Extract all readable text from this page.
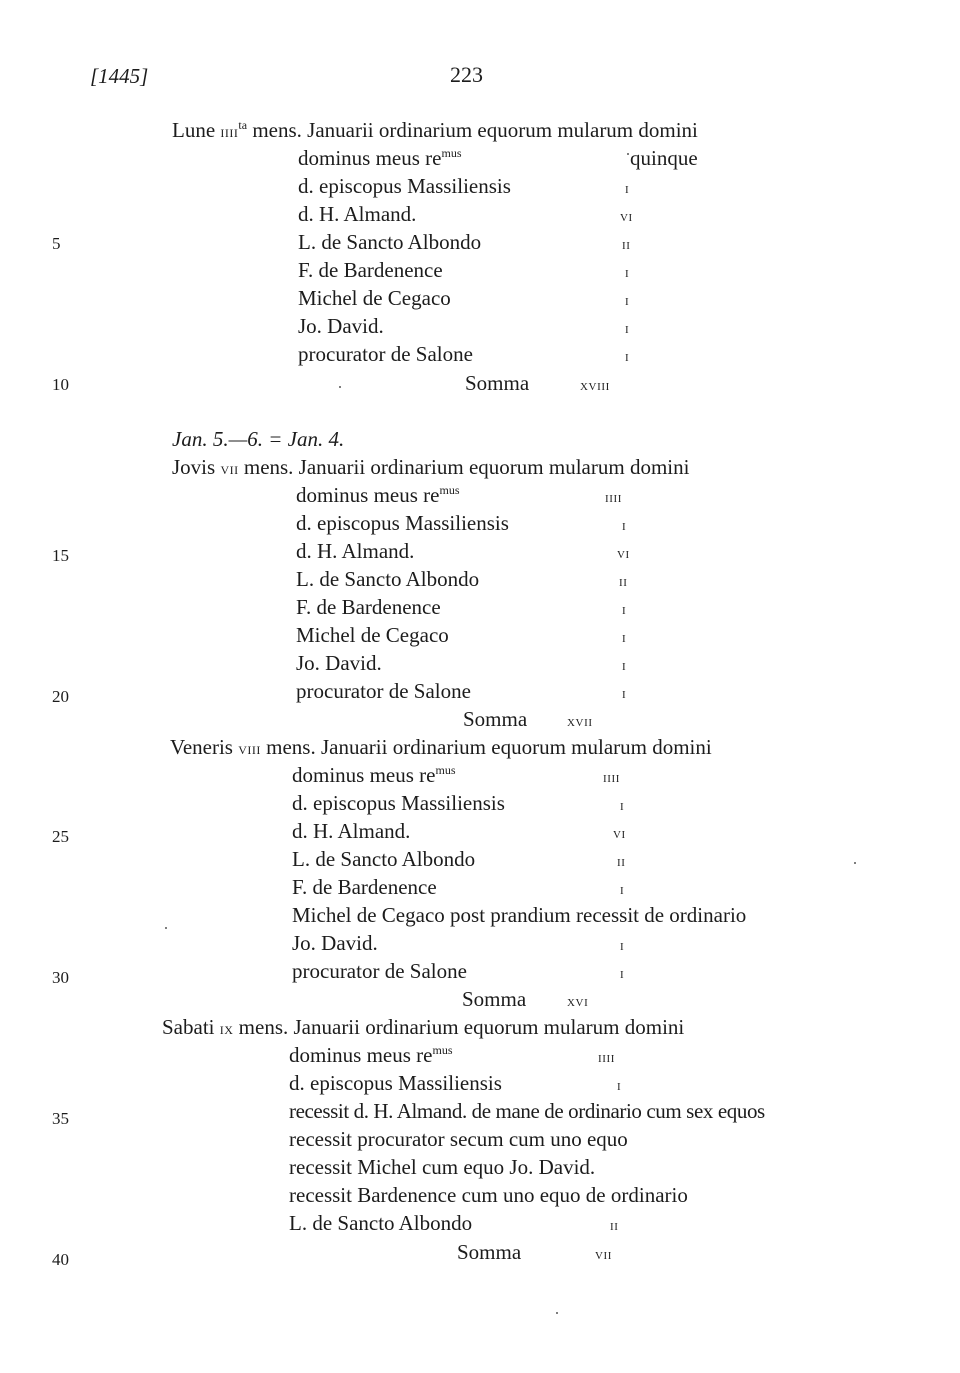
[1445]	223
5
10
15
20
25
30
35
40
Lune iiii$^{ta}$ mens. Januarii ordinarium equorum mularum domini
dominus meus $re^{mus}$	quinque
d. episcopus Massiliensis	i
d. H. Almand.	vi
L. de Sancto Albondo	ii
F. de Bardenence	i
Michel de Cegaco	i
Jo. David.	i
procurator de Salone	i
Somma	xviii
Jan. 5.—6. = Jan. 4.
Jovis vii mens. Januarii ordinarium equorum mularum domini
dominus meus $re^{mus}$	iiii
d. episcopus Massiliensis	i
d. H. Almand.	vi
L. de Sancto Albondo	ii
F. de Bardenence	i
Michel de Cegaco	i
Jo. David.	i
procurator de Salone	i
Somma xvii
Veneris viii mens. Januarii ordinarium equorum mularum domini
dominus meus $re^{mus}$	iiii
d. episcopus Massiliensis	i
d. H. Almand.	vi
L. de Sancto Albondo	ii
F. de Bardenence	i
Michel de Cegaco post prandium recessit de ordinario
Jo. David.	i
procurator de Salone	i
Somma	xvi
Sabati ix mens. Januarii ordinarium equorum mularum domini
dominus meus $re^{mus}$	iiii
d. episcopus Massiliensis	i
recessit d. H. Almand. de mane de ordinario cum sex equos
recessit procurator secum cum uno equo
recessit Michel cum equo Jo. David.
recessit Bardenence cum uno equo de ordinario
L. de Sancto Albondo	ii
Somma	vii
